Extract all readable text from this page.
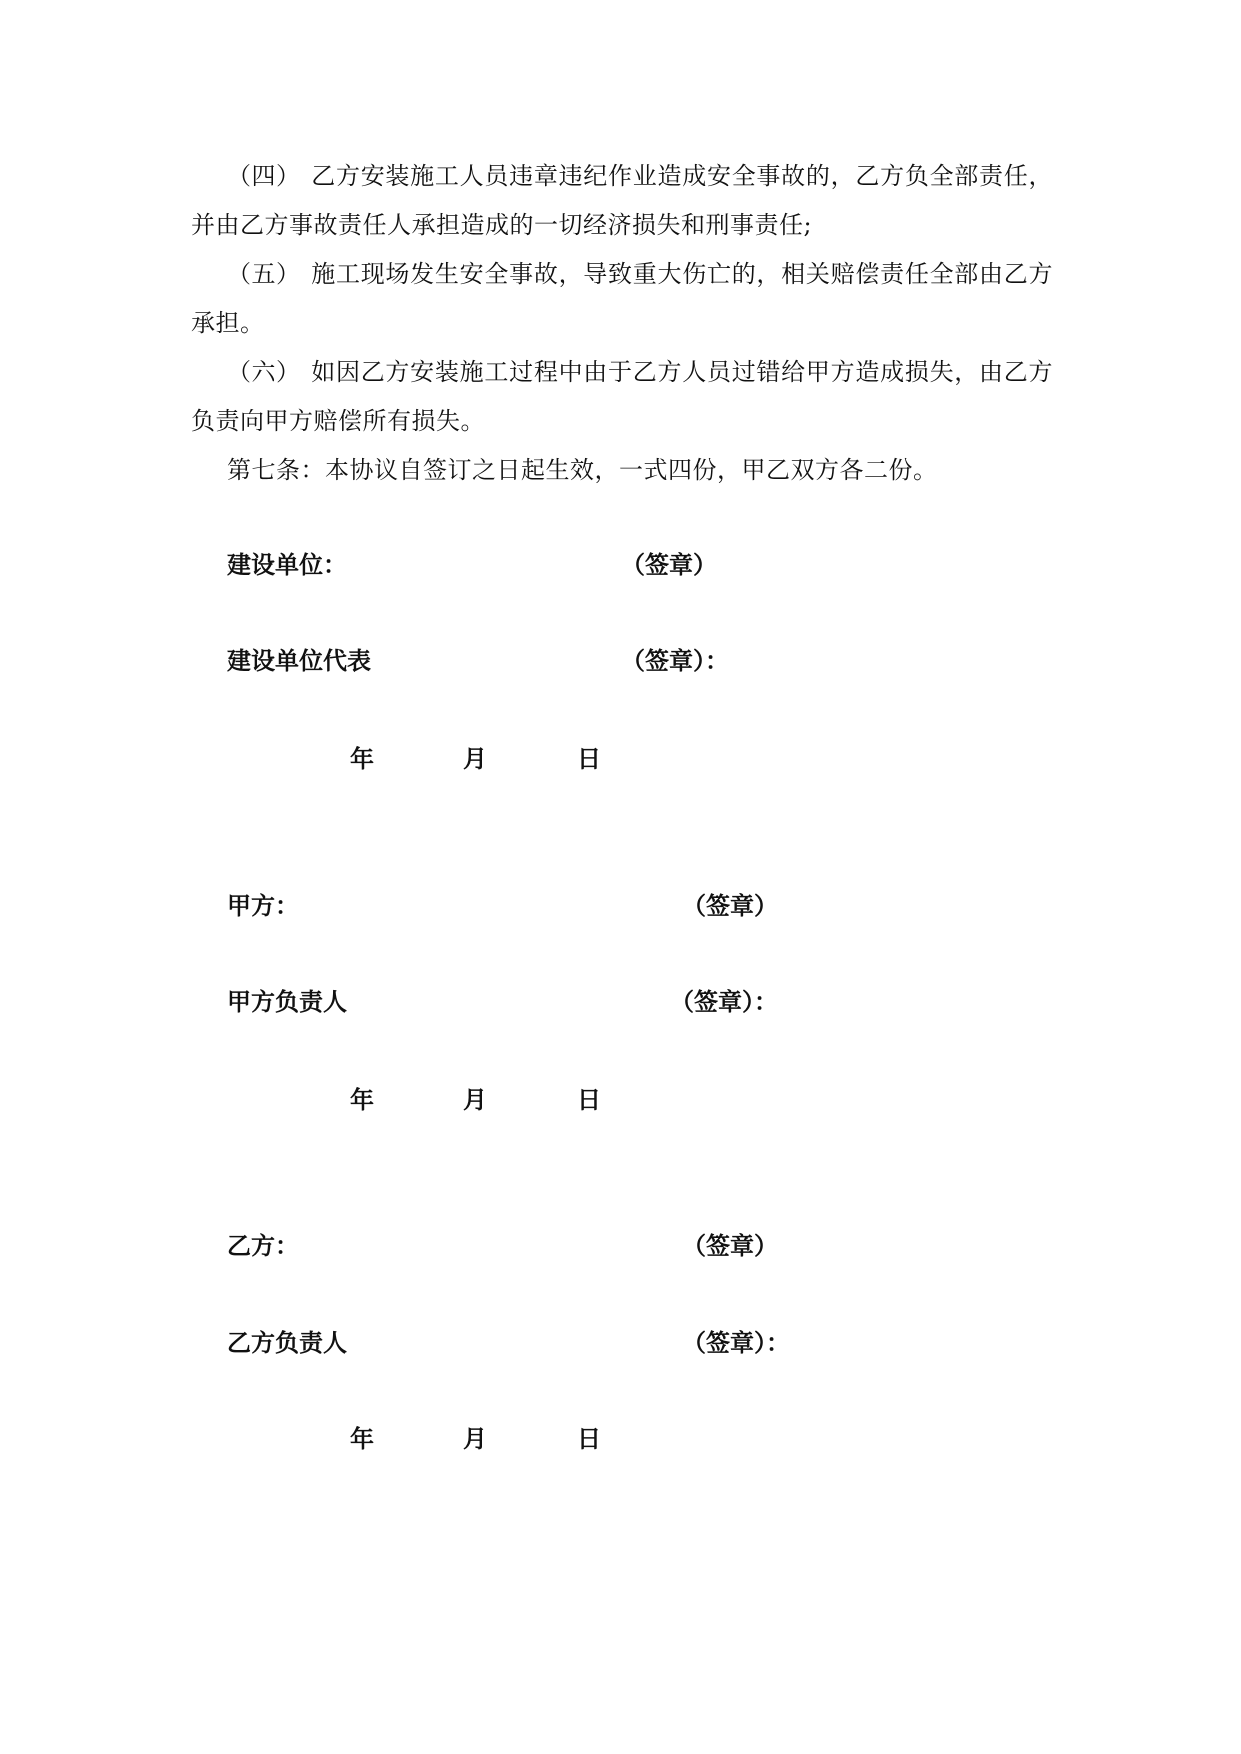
（四） 乙方安装施工人员违章违纪作业造成安全事故的，乙方负全部责任，并由乙方事故责任人承担造成的一切经济损失和刑事责任;
（五） 施工现场发生安全事故，导致重大伤亡的，相关赔偿责任全部由乙方承担。
（六） 如因乙方安装施工过程中由于乙方人员过错给甲方造成损失，由乙方负责向甲方赔偿所有损失。
第七条：本协议自签订之日起生效，一式四份，甲乙双方各二份。
建设单位：	（签章）
建设单位代表	（签章）：
年	月	日
甲方：	（签章）
甲方负责人	（签章）：
年	月	日
乙方：	（签章）
乙方负责人	（签章）：
年	月	日
